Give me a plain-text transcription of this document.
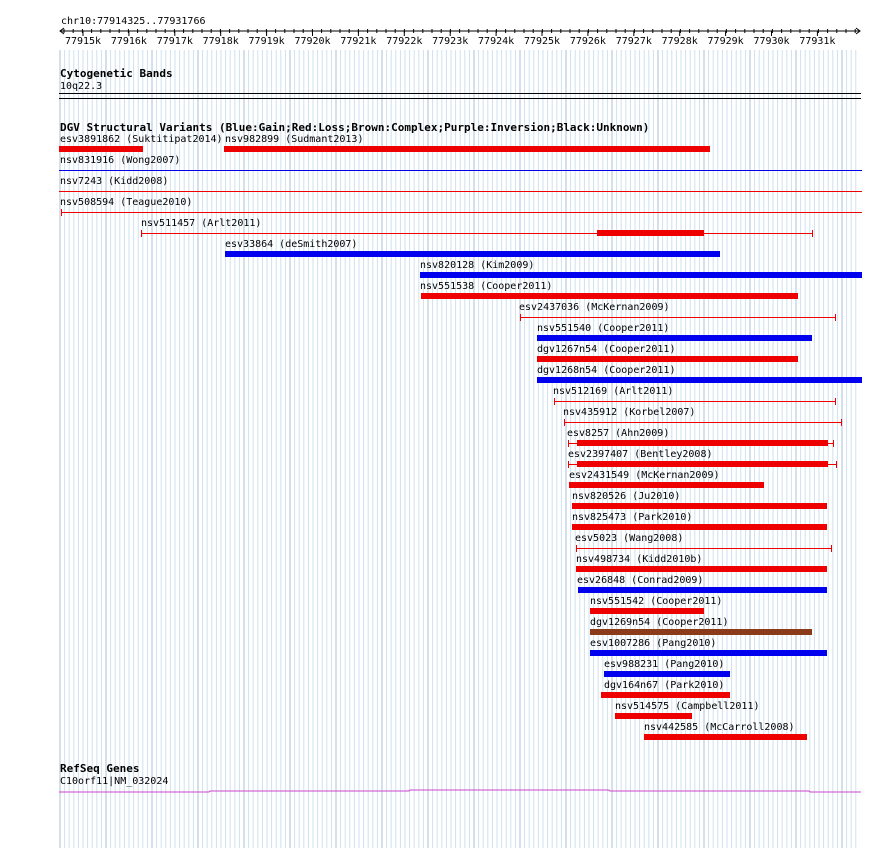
chr10:77914325..77931766
77915k 77916k 77917k 77918k 77919k 77920k 77921k 77922k 77923k 77924k 77925k 77926k 77927k 77928k 77929k 77930k 77931k
Cytogenetic Bands
10q22.3
DGV Structural Variants (Blue:Gain;Red:Loss;Brown:Complex;Purple:Inversion;Black:Unknown)
esv3891862 (Suktitipat2014) nsv982899 (Sudmant2013)
nsv831916 (Wong2007)
nsv7243 (Kidd2008)
nsv508594 (Teague2010)
nsv511457 (Arlt2011)
esv33864 (deSmith2007)
nsv820128 (Kim2009)
nsv551538 (Cooper2011)
esv2437036 (McKernan2009)
nsv551540 (Cooper2011)
dgv1267n54 (Cooper2011)
dgv1268n54 (Cooper2011)
nsv512169 (Arlt2011)
nsv435912 (Korbel2007)
esv8257 (Ahn2009)
esv2397407 (Bentley2008)
esv2431549 (McKernan2009)
nsv820526 (Ju2010)
nsv825473 (Park2010)
esv5023 (Wang2008)
nsv498734 (Kidd2010b)
esv26848 (Conrad2009)
nsv551542 (Cooper2011)
dgv1269n54 (Cooper2011)
esv1007286 (Pang2010)
esv988231 (Pang2010)
dgv164n67 (Park2010)
nsv514575 (Campbell2011)
nsv442585 (McCarroll2008)
RefSeq Genes
C10orf11|NM_032024
